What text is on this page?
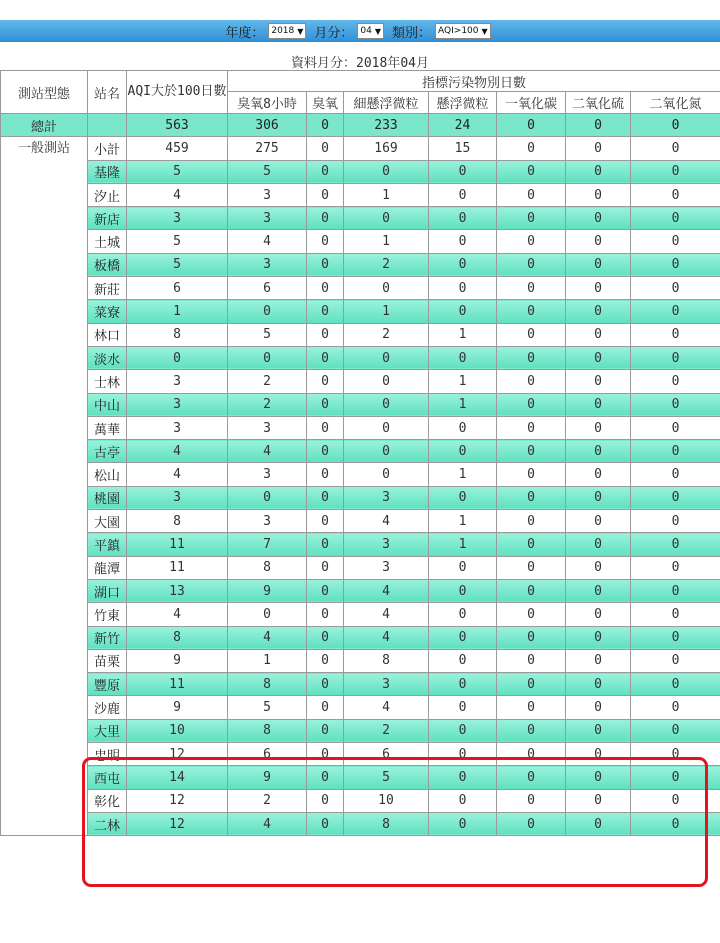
年度： 2018 ▼ 月分： 04 ▼ 類別： AQI>100 ▼
資料月分：2018年04月
測站型態	站名	AQI大於100日數	指標污染物別日數						
			臭氧8小時	臭氧	細懸浮微粒	懸浮微粒	一氧化碳	二氧化硫	二氧化氮
總計		563	306	0	233	24	0	0	0
一般測站	小計	459	275	0	169	15	0	0	0
	基隆	5	5	0	0	0	0	0	0
	汐止	4	3	0	1	0	0	0	0
	新店	3	3	0	0	0	0	0	0
	土城	5	4	0	1	0	0	0	0
	板橋	5	3	0	2	0	0	0	0
	新莊	6	6	0	0	0	0	0	0
	菜寮	1	0	0	1	0	0	0	0
	林口	8	5	0	2	1	0	0	0
	淡水	0	0	0	0	0	0	0	0
	士林	3	2	0	0	1	0	0	0
	中山	3	2	0	0	1	0	0	0
	萬華	3	3	0	0	0	0	0	0
	古亭	4	4	0	0	0	0	0	0
	松山	4	3	0	0	1	0	0	0
	桃園	3	0	0	3	0	0	0	0
	大園	8	3	0	4	1	0	0	0
	平鎮	11	7	0	3	1	0	0	0
	龍潭	11	8	0	3	0	0	0	0
	湖口	13	9	0	4	0	0	0	0
	竹東	4	0	0	4	0	0	0	0
	新竹	8	4	0	4	0	0	0	0
	苗栗	9	1	0	8	0	0	0	0
	豐原	11	8	0	3	0	0	0	0
	沙鹿	9	5	0	4	0	0	0	0
	大里	10	8	0	2	0	0	0	0
	忠明	12	6	0	6	0	0	0	0
	西屯	14	9	0	5	0	0	0	0
	彰化	12	2	0	10	0	0	0	0
	二林	12	4	0	8	0	0	0	0
